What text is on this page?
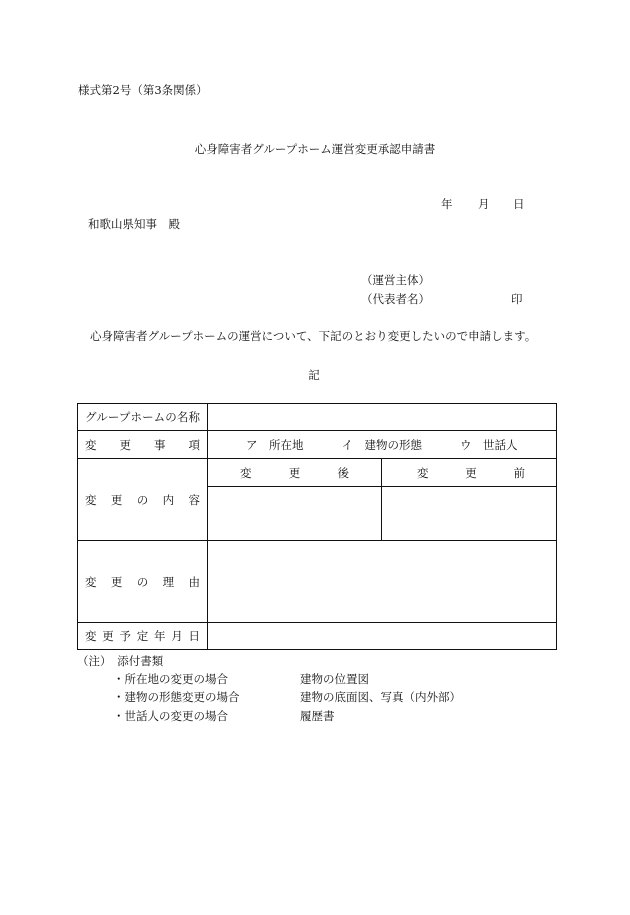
様式第2号（第3条関係）
心身障害者グループホーム運営変更承認申請書
年 月 日
和歌山県知事　殿
（運営主体）
（代表者名）	印
心身障害者グループホームの運営について、下記のとおり変更したいので申請します。
記
グループホームの名称		
変　更　事　項	ア　所在地 イ　建物の形態 ウ　世話人	

変　更　の　内　容	変　更　後	変　更　前

変　更　の　理　由		
変 更 予 定 年 月 日		
（注）　添付書類
・所在地の変更の場合	建物の位置図
・建物の形態変更の場合	建物の底面図、写真（内外部）
・世話人の変更の場合	履歴書
